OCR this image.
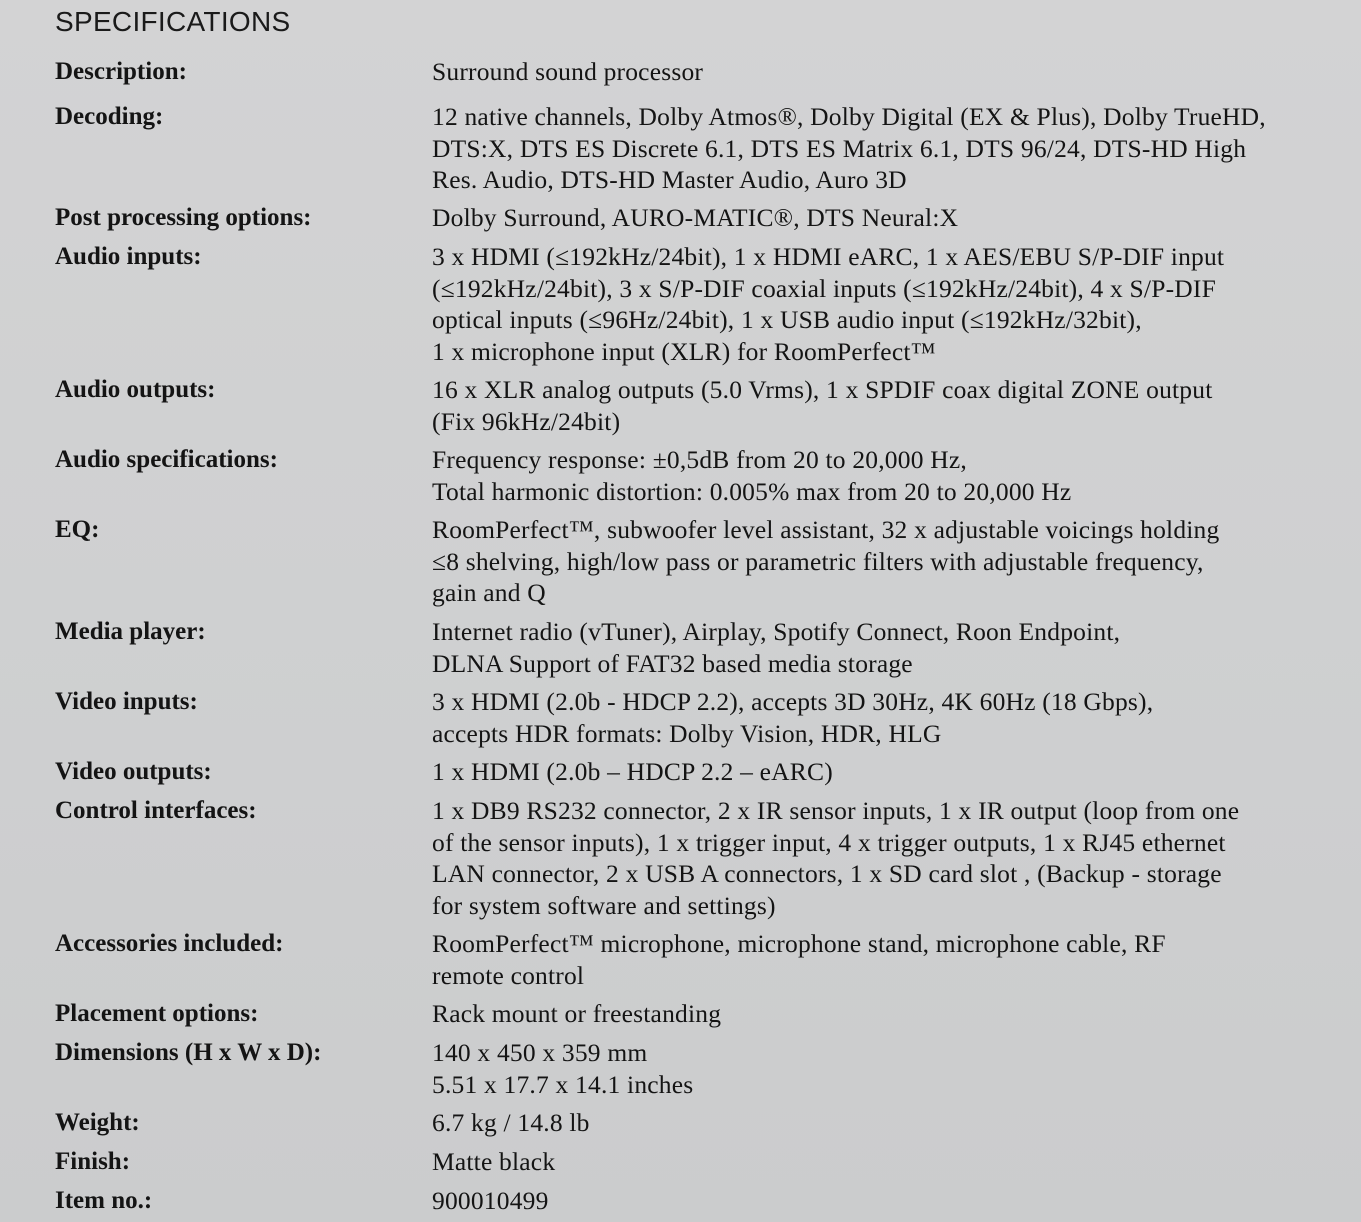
SPECIFICATIONS
Description:	Surround sound processor
Decoding:	12 native channels, Dolby Atmos®, Dolby Digital (EX & Plus), Dolby TrueHD,
DTS:X, DTS ES Discrete 6.1, DTS ES Matrix 6.1, DTS 96/24, DTS-HD High
Res. Audio, DTS-HD Master Audio, Auro 3D
Post processing options:	Dolby Surround, AURO-MATIC®, DTS Neural:X
Audio inputs:	3 x HDMI (≤192kHz/24bit), 1 x HDMI eARC, 1 x AES/EBU S/P-DIF input
(≤192kHz/24bit), 3 x S/P-DIF coaxial inputs (≤192kHz/24bit), 4 x S/P-DIF
optical inputs (≤96Hz/24bit), 1 x USB audio input (≤192kHz/32bit),
1 x microphone input (XLR) for RoomPerfect™
Audio outputs:	16 x XLR analog outputs (5.0 Vrms), 1 x SPDIF coax digital ZONE output
(Fix 96kHz/24bit)
Audio specifications:	Frequency response: ±0,5dB from 20 to 20,000 Hz,
Total harmonic distortion: 0.005% max from 20 to 20,000 Hz
EQ:	RoomPerfect™, subwoofer level assistant, 32 x adjustable voicings holding
≤8 shelving, high/low pass or parametric filters with adjustable frequency,
gain and Q
Media player:	Internet radio (vTuner), Airplay, Spotify Connect, Roon Endpoint,
DLNA Support of FAT32 based media storage
Video inputs:	3 x HDMI (2.0b - HDCP 2.2), accepts 3D 30Hz, 4K 60Hz (18 Gbps),
accepts HDR formats: Dolby Vision, HDR, HLG
Video outputs:	1 x HDMI (2.0b – HDCP 2.2 – eARC)
Control interfaces:	1 x DB9 RS232 connector, 2 x IR sensor inputs, 1 x IR output (loop from one
of the sensor inputs), 1 x trigger input, 4 x trigger outputs, 1 x RJ45 ethernet
LAN connector, 2 x USB A connectors, 1 x SD card slot , (Backup - storage
for system software and settings)
Accessories included:	RoomPerfect™ microphone, microphone stand, microphone cable, RF
remote control
Placement options:	Rack mount or freestanding
Dimensions (H x W x D):	140 x 450 x 359 mm
5.51 x 17.7 x 14.1 inches
Weight:	6.7 kg / 14.8 lb
Finish:	Matte black
Item no.:	900010499
